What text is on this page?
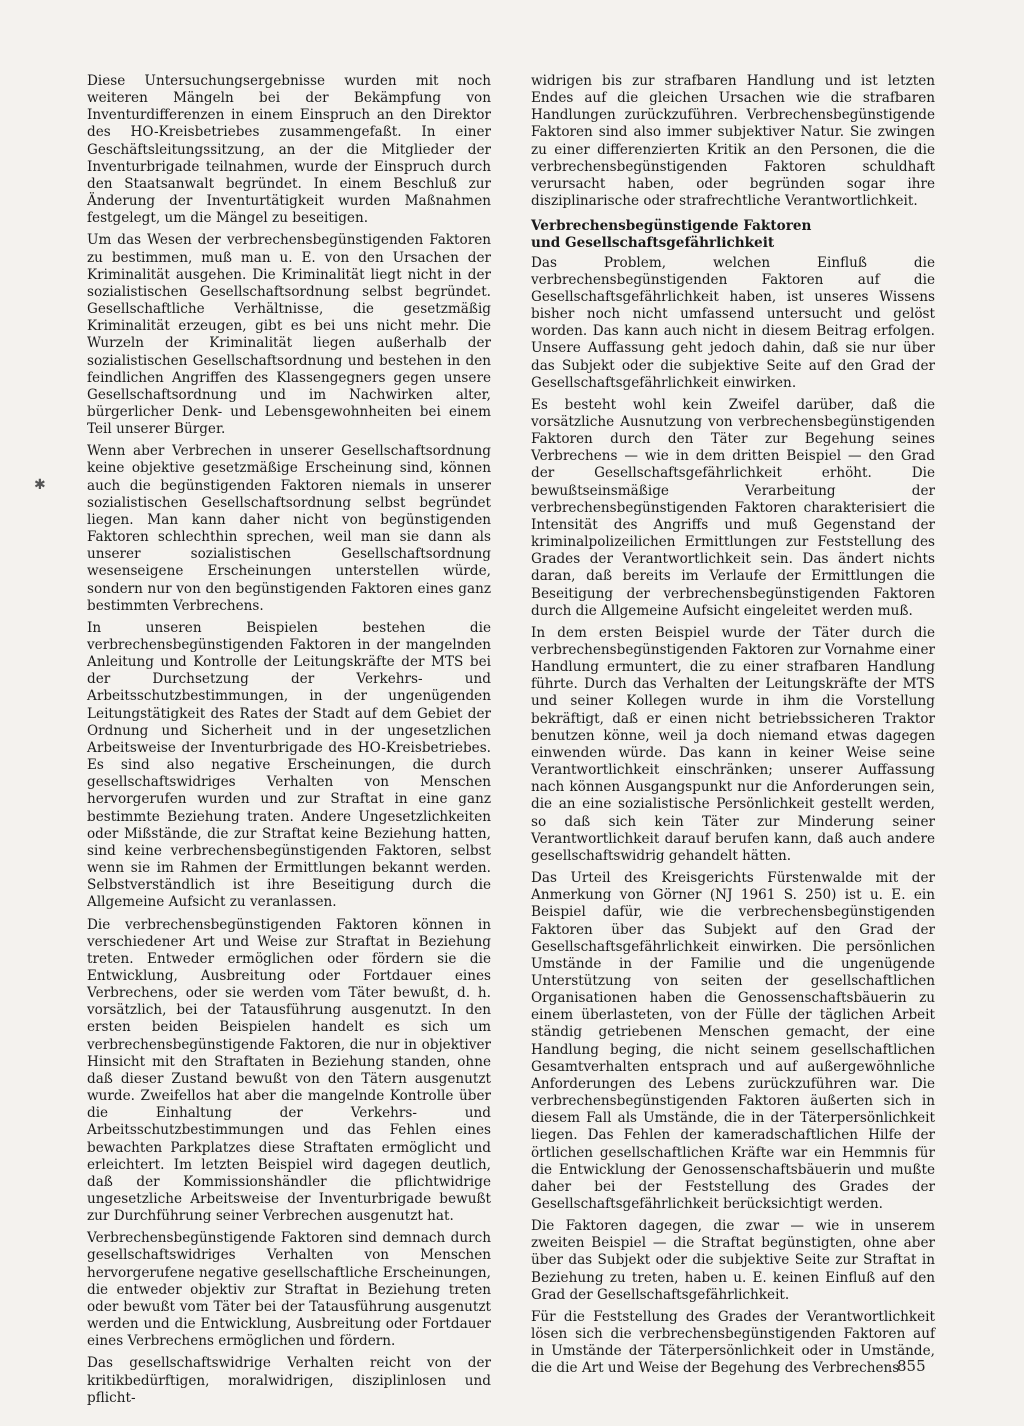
✱

Diese Untersuchungsergebnisse wurden mit noch weiteren Mängeln bei der Bekämpfung von Inventurdifferenzen in einem Einspruch an den Direktor des HO-Kreisbetriebes zusammengefaßt. In einer Geschäftsleitungssitzung, an der die Mitglieder der Inventurbrigade teilnahmen, wurde der Einspruch durch den Staatsanwalt begründet. In einem Beschluß zur Änderung der Inventurtätigkeit wurden Maßnahmen festgelegt, um die Mängel zu beseitigen.

Um das Wesen der verbrechensbegünstigenden Faktoren zu bestimmen, muß man u. E. von den Ursachen der Kriminalität ausgehen. Die Kriminalität liegt nicht in der sozialistischen Gesellschaftsordnung selbst begründet. Gesellschaftliche Verhältnisse, die gesetzmäßig Kriminalität erzeugen, gibt es bei uns nicht mehr. Die Wurzeln der Kriminalität liegen außerhalb der sozialistischen Gesellschaftsordnung und bestehen in den feindlichen Angriffen des Klassengegners gegen unsere Gesellschaftsordnung und im Nachwirken alter, bürgerlicher Denk- und Lebensgewohnheiten bei einem Teil unserer Bürger.

Wenn aber Verbrechen in unserer Gesellschaftsordnung keine objektive gesetzmäßige Erscheinung sind, können auch die begünstigenden Faktoren niemals in unserer sozialistischen Gesellschaftsordnung selbst begründet liegen. Man kann daher nicht von begünstigenden Faktoren schlechthin sprechen, weil man sie dann als unserer sozialistischen Gesellschaftsordnung wesenseigene Erscheinungen unterstellen würde, sondern nur von den begünstigenden Faktoren eines ganz bestimmten Verbrechens.

In unseren Beispielen bestehen die verbrechensbegünstigenden Faktoren in der mangelnden Anleitung und Kontrolle der Leitungskräfte der MTS bei der Durchsetzung der Verkehrs- und Arbeitsschutzbestimmungen, in der ungenügenden Leitungstätigkeit des Rates der Stadt auf dem Gebiet der Ordnung und Sicherheit und in der ungesetzlichen Arbeitsweise der Inventurbrigade des HO-Kreisbetriebes. Es sind also negative Erscheinungen, die durch gesellschaftswidriges Verhalten von Menschen hervorgerufen wurden und zur Straftat in eine ganz bestimmte Beziehung traten. Andere Ungesetzlichkeiten oder Mißstände, die zur Straftat keine Beziehung hatten, sind keine verbrechensbegünstigenden Faktoren, selbst wenn sie im Rahmen der Ermittlungen bekannt werden. Selbstverständlich ist ihre Beseitigung durch die Allgemeine Aufsicht zu veranlassen.

Die verbrechensbegünstigenden Faktoren können in verschiedener Art und Weise zur Straftat in Beziehung treten. Entweder ermöglichen oder fördern sie die Entwicklung, Ausbreitung oder Fortdauer eines Verbrechens, oder sie werden vom Täter bewußt, d. h. vorsätzlich, bei der Tatausführung ausgenutzt. In den ersten beiden Beispielen handelt es sich um verbrechensbegünstigende Faktoren, die nur in objektiver Hinsicht mit den Straftaten in Beziehung standen, ohne daß dieser Zustand bewußt von den Tätern ausgenutzt wurde. Zweifellos hat aber die mangelnde Kontrolle über die Einhaltung der Verkehrs- und Arbeitsschutzbestimmungen und das Fehlen eines bewachten Parkplatzes diese Straftaten ermöglicht und erleichtert. Im letzten Beispiel wird dagegen deutlich, daß der Kommissionshändler die pflichtwidrige ungesetzliche Arbeitsweise der Inventurbrigade bewußt zur Durchführung seiner Verbrechen ausgenutzt hat.

Verbrechensbegünstigende Faktoren sind demnach durch gesellschaftswidriges Verhalten von Menschen hervorgerufene negative gesellschaftliche Erscheinungen, die entweder objektiv zur Straftat in Beziehung treten oder bewußt vom Täter bei der Tatausführung ausgenutzt werden und die Entwicklung, Ausbreitung oder Fortdauer eines Verbrechens ermöglichen und fördern.

Das gesellschaftswidrige Verhalten reicht von der kritikbedürftigen, moralwidrigen, disziplinlosen und pflicht-

widrigen bis zur strafbaren Handlung und ist letzten Endes auf die gleichen Ursachen wie die strafbaren Handlungen zurückzuführen. Verbrechensbegünstigende Faktoren sind also immer subjektiver Natur. Sie zwingen zu einer differenzierten Kritik an den Personen, die die verbrechensbegünstigenden Faktoren schuldhaft verursacht haben, oder begründen sogar ihre disziplinarische oder strafrechtliche Verantwortlichkeit.

Verbrechensbegünstigende Faktoren
und Gesellschaftsgefährlichkeit

Das Problem, welchen Einfluß die verbrechensbegünstigenden Faktoren auf die Gesellschaftsgefährlichkeit haben, ist unseres Wissens bisher noch nicht umfassend untersucht und gelöst worden. Das kann auch nicht in diesem Beitrag erfolgen. Unsere Auffassung geht jedoch dahin, daß sie nur über das Subjekt oder die subjektive Seite auf den Grad der Gesellschaftsgefährlichkeit einwirken.

Es besteht wohl kein Zweifel darüber, daß die vorsätzliche Ausnutzung von verbrechensbegünstigenden Faktoren durch den Täter zur Begehung seines Verbrechens — wie in dem dritten Beispiel — den Grad der Gesellschaftsgefährlichkeit erhöht. Die bewußtseinsmäßige Verarbeitung der verbrechensbegünstigenden Faktoren charakterisiert die Intensität des Angriffs und muß Gegenstand der kriminalpolizeilichen Ermittlungen zur Feststellung des Grades der Verantwortlichkeit sein. Das ändert nichts daran, daß bereits im Verlaufe der Ermittlungen die Beseitigung der verbrechensbegünstigenden Faktoren durch die Allgemeine Aufsicht eingeleitet werden muß.

In dem ersten Beispiel wurde der Täter durch die verbrechensbegünstigenden Faktoren zur Vornahme einer Handlung ermuntert, die zu einer strafbaren Handlung führte. Durch das Verhalten der Leitungskräfte der MTS und seiner Kollegen wurde in ihm die Vorstellung bekräftigt, daß er einen nicht betriebssicheren Traktor benutzen könne, weil ja doch niemand etwas dagegen einwenden würde. Das kann in keiner Weise seine Verantwortlichkeit einschränken; unserer Auffassung nach können Ausgangspunkt nur die Anforderungen sein, die an eine sozialistische Persönlichkeit gestellt werden, so daß sich kein Täter zur Minderung seiner Verantwortlichkeit darauf berufen kann, daß auch andere gesellschaftswidrig gehandelt hätten.

Das Urteil des Kreisgerichts Fürstenwalde mit der Anmerkung von Görner (NJ 1961 S. 250) ist u. E. ein Beispiel dafür, wie die verbrechensbegünstigenden Faktoren über das Subjekt auf den Grad der Gesellschaftsgefährlichkeit einwirken. Die persönlichen Umstände in der Familie und die ungenügende Unterstützung von seiten der gesellschaftlichen Organisationen haben die Genossenschaftsbäuerin zu einem überlasteten, von der Fülle der täglichen Arbeit ständig getriebenen Menschen gemacht, der eine Handlung beging, die nicht seinem gesellschaftlichen Gesamtverhalten entsprach und auf außergewöhnliche Anforderungen des Lebens zurückzuführen war. Die verbrechensbegünstigenden Faktoren äußerten sich in diesem Fall als Umstände, die in der Täterpersönlichkeit liegen. Das Fehlen der kameradschaftlichen Hilfe der örtlichen gesellschaftlichen Kräfte war ein Hemmnis für die Entwicklung der Genossenschaftsbäuerin und mußte daher bei der Feststellung des Grades der Gesellschaftsgefährlichkeit berücksichtigt werden.

Die Faktoren dagegen, die zwar — wie in unserem zweiten Beispiel — die Straftat begünstigten, ohne aber über das Subjekt oder die subjektive Seite zur Straftat in Beziehung zu treten, haben u. E. keinen Einfluß auf den Grad der Gesellschaftsgefährlichkeit.

Für die Feststellung des Grades der Verantwortlichkeit lösen sich die verbrechensbegünstigenden Faktoren auf in Umstände der Täterpersönlichkeit oder in Umstände, die die Art und Weise der Begehung des Verbrechens

855
